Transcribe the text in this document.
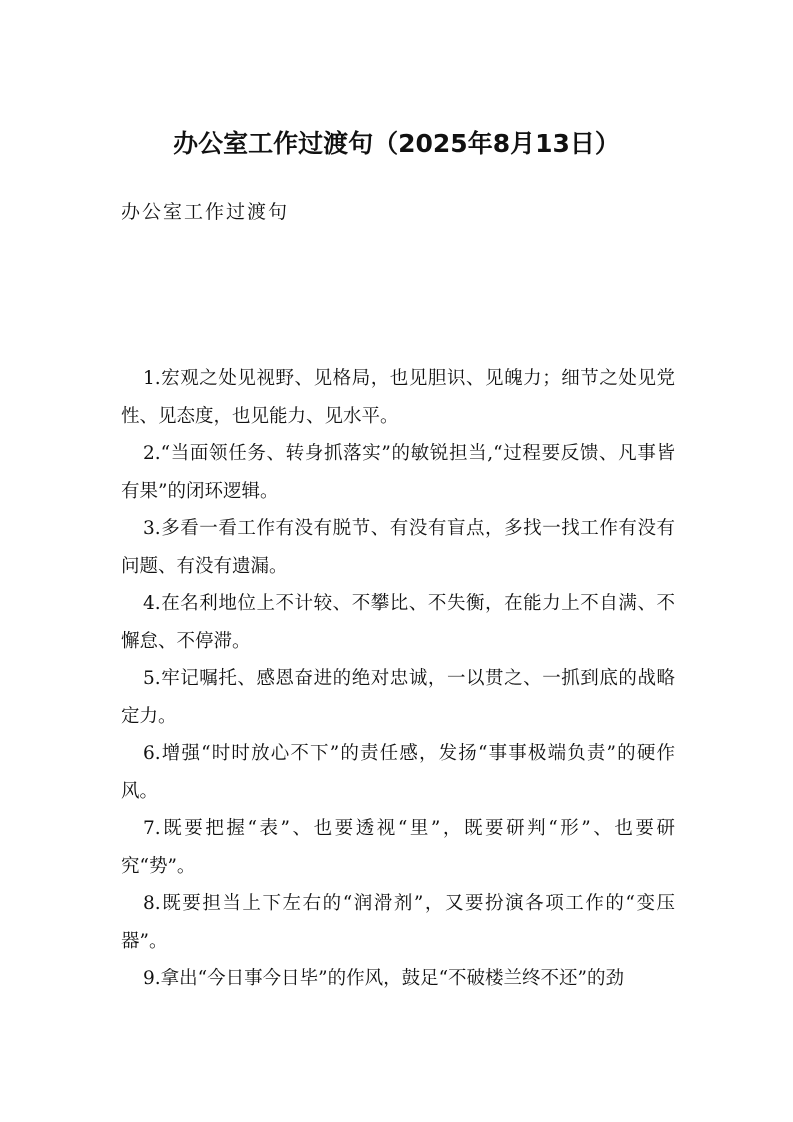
办公室工作过渡句（2025年8月13日）

办公室工作过渡句

1.宏观之处见视野、见格局，也见胆识、见魄力；细节之处见党性、见态度，也见能力、见水平。
2.“当面领任务、转身抓落实”的敏锐担当,“过程要反馈、凡事皆有果”的闭环逻辑。
3.多看一看工作有没有脱节、有没有盲点，多找一找工作有没有问题、有没有遗漏。
4.在名利地位上不计较、不攀比、不失衡，在能力上不自满、不懈怠、不停滞。
5.牢记嘱托、感恩奋进的绝对忠诚，一以贯之、一抓到底的战略定力。
6.增强“时时放心不下”的责任感，发扬“事事极端负责”的硬作风。
7.既要把握“表”、也要透视“里”，既要研判“形”、也要研究“势”。
8.既要担当上下左右的“润滑剂”，又要扮演各项工作的“变压器”。
9.拿出“今日事今日毕”的作风，鼓足“不破楼兰终不还”的劲
